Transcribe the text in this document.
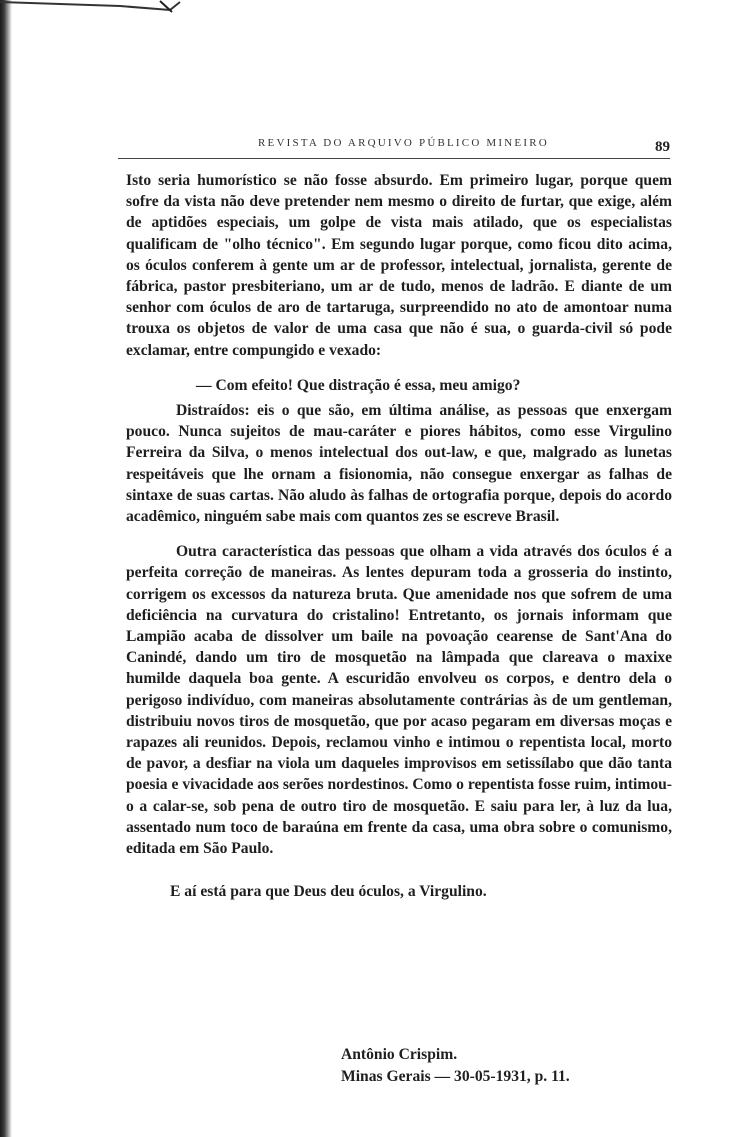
REVISTA DO ARQUIVO PÚBLICO MINEIRO	89

Isto seria humorístico se não fosse absurdo. Em primeiro lugar, porque quem sofre da vista não deve pretender nem mesmo o direito de furtar, que exige, além de aptidões especiais, um golpe de vista mais atilado, que os especialistas qualificam de "olho técnico". Em segundo lugar porque, como ficou dito acima, os óculos conferem à gente um ar de professor, intelectual, jornalista, gerente de fábrica, pastor presbiteriano, um ar de tudo, menos de ladrão. E diante de um senhor com óculos de aro de tartaruga, surpreendido no ato de amontoar numa trouxa os objetos de valor de uma casa que não é sua, o guarda-civil só pode exclamar, entre compungido e vexado:

— Com efeito! Que distração é essa, meu amigo?

Distraídos: eis o que são, em última análise, as pessoas que enxergam pouco. Nunca sujeitos de mau-caráter e piores hábitos, como esse Virgulino Ferreira da Silva, o menos intelectual dos out-law, e que, malgrado as lunetas respeitáveis que lhe ornam a fisionomia, não consegue enxergar as falhas de sintaxe de suas cartas. Não aludo às falhas de ortografia porque, depois do acordo acadêmico, ninguém sabe mais com quantos zes se escreve Brasil.

Outra característica das pessoas que olham a vida através dos óculos é a perfeita correção de maneiras. As lentes depuram toda a grosseria do instinto, corrigem os excessos da natureza bruta. Que amenidade nos que sofrem de uma deficiência na curvatura do cristalino! Entretanto, os jornais informam que Lampião acaba de dissolver um baile na povoação cearense de Sant'Ana do Canindé, dando um tiro de mosquetão na lâmpada que clareava o maxixe humilde daquela boa gente. A escuridão envolveu os corpos, e dentro dela o perigoso indivíduo, com maneiras absolutamente contrárias às de um gentleman, distribuiu novos tiros de mosquetão, que por acaso pegaram em diversas moças e rapazes ali reunidos. Depois, reclamou vinho e intimou o repentista local, morto de pavor, a desfiar na viola um daqueles improvisos em setissílabo que dão tanta poesia e vivacidade aos serões nordestinos. Como o repentista fosse ruim, intimou-o a calar-se, sob pena de outro tiro de mosquetão. E saiu para ler, à luz da lua, assentado num toco de baraúna em frente da casa, uma obra sobre o comunismo, editada em São Paulo.

E aí está para que Deus deu óculos, a Virgulino.

Antônio Crispim.
Minas Gerais — 30-05-1931, p. 11.
